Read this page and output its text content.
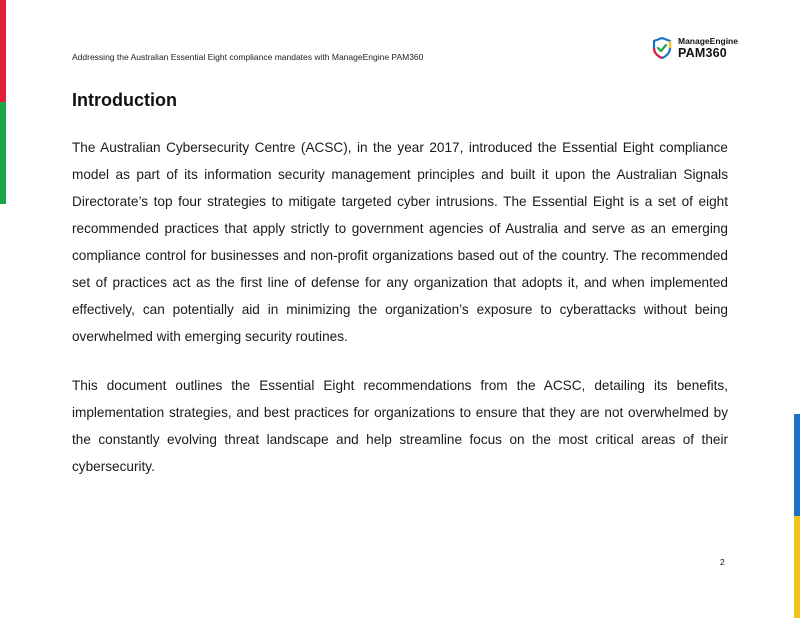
Addressing the Australian Essential Eight compliance mandates with ManageEngine PAM360
ManageEngine
PAM360
Introduction

The Australian Cybersecurity Centre (ACSC), in the year 2017, introduced the Essential Eight compliance model as part of its information security management principles and built it upon the Australian Signals Directorate’s top four strategies to mitigate targeted cyber intrusions. The Essential Eight is a set of eight recommended practices that apply strictly to government agencies of Australia and serve as an emerging compliance control for businesses and non-profit organizations based out of the country. The recommended set of practices act as the first line of defense for any organization that adopts it, and when implemented effectively, can potentially aid in minimizing the organization’s exposure to cyberattacks without being overwhelmed with emerging security routines.

This document outlines the Essential Eight recommendations from the ACSC, detailing its benefits, implementation strategies, and best practices for organizations to ensure that they are not overwhelmed by the constantly evolving threat landscape and help streamline focus on the most critical areas of their cybersecurity.

2
